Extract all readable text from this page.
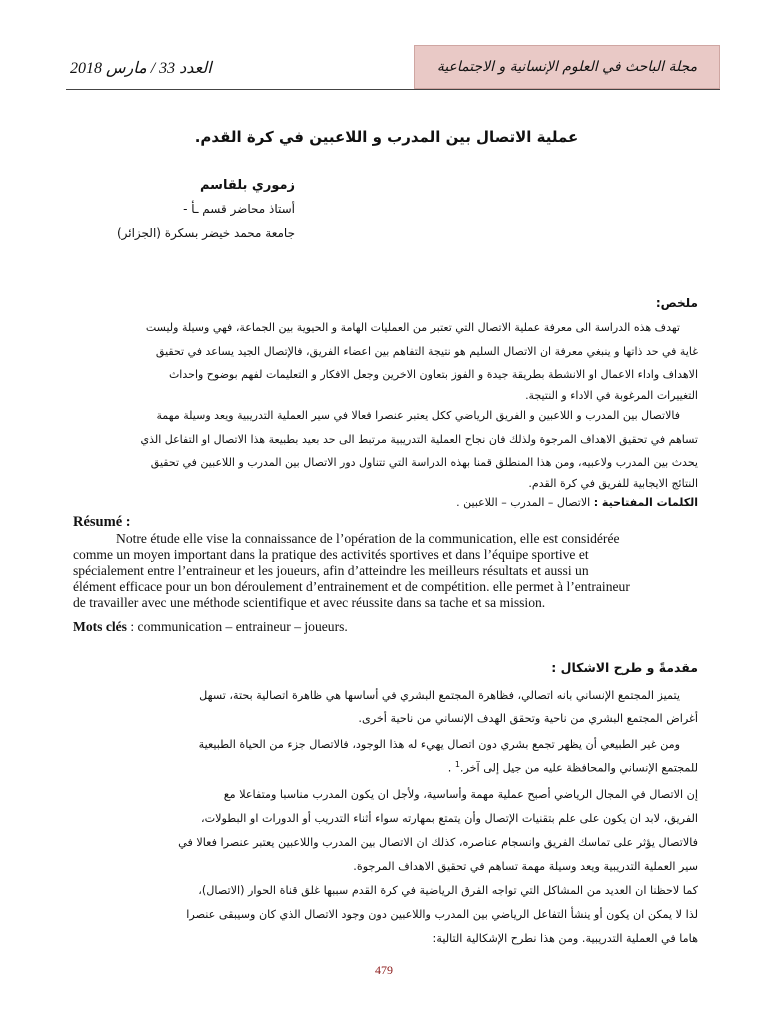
العدد 33 / مارس 2018	مجلة الباحث في العلوم الإنسانية و الاجتماعية
عملية الاتصال بين المدرب و اللاعبين في كرة القدم.
زموري بلقاسم
أستاذ محاضر قسم ـأ -
جامعة محمد خيضر بسكرة (الجزائر)
ملخص:
تهدف هذه الدراسة الى معرفة عملية الاتصال التي تعتبر من العمليات الهامة و الحيوية بين الجماعة، فهي وسيلة وليست
غاية في حد ذاتها و ينبغي معرفة ان الاتصال السليم هو نتيجة التفاهم بين اعضاء الفريق، فالإتصال الجيد يساعد في تحقيق
الاهداف واداء الاعمال او الانشطة بطريقة جيدة و الفوز بتعاون الاخرين وجعل الافكار و التعليمات لفهم بوضوح واحداث
التغييرات المرغوبة في الاداء و النتيجة.
فالاتصال بين المدرب و اللاعبين و الفريق الرياضي ككل يعتبر عنصرا فعالا في سير العملية التدريبية ويعد وسيلة مهمة
تساهم في تحقيق الاهداف المرجوة ولذلك فان نجاح العملية التدريبية مرتبط الى حد بعيد بطبيعة هذا الاتصال او التفاعل الذي
يحدث بين المدرب ولاعبيه، ومن هذا المنطلق قمنا بهذه الدراسة التي تتناول دور الاتصال بين المدرب و اللاعبين في تحقيق
النتائج الايجابية للفريق في كرة القدم.
الكلمات المفتاحية : الاتصال – المدرب – اللاعبين .
Résumé :
Notre étude elle vise la connaissance de l’opération de la communication, elle est considérée
comme un moyen important dans la pratique des activités sportives et dans l’équipe sportive et
spécialement entre l’entraineur et les joueurs, afin d’atteindre les meilleurs résultats et aussi un
élément efficace pour un bon déroulement d’entrainement et de compétition. elle permet à l’entraineur
de travailler avec une méthode scientifique et avec réussite dans sa tache et sa mission.
Mots clés : communication – entraineur – joueurs.
مقدمةً و طرح الاشكال :
يتميز المجتمع الإنساني بانه اتصالي، فظاهرة المجتمع البشري في أساسها هي ظاهرة اتصالية بحتة، تسهل
أغراض المجتمع البشري من ناحية وتحقق الهدف الإنساني من ناحية أخرى.
ومن غير الطبيعي أن يظهر تجمع بشري دون اتصال يهيء له هذا الوجود، فالاتصال جزء من الحياة الطبيعية
للمجتمع الإنساني والمحافظة عليه من جيل إلى آخر.$^1$ .
إن الاتصال في المجال الرياضي أصبح عملية مهمة وأساسية، ولأجل ان يكون المدرب مناسبا ومتفاعلا مع
الفريق، لابد ان يكون على علم بتقنيات الإتصال وأن يتمتع بمهارته سواء أثناء التدريب أو الدورات او البطولات،
فالاتصال يؤثر على تماسك الفريق وانسجام عناصره، كذلك ان الاتصال بين المدرب واللاعبين يعتبر عنصرا فعالا في
سير العملية التدريبية ويعد وسيلة مهمة تساهم في تحقيق الاهداف المرجوة.
كما لاحظنا ان العديد من المشاكل التي تواجه الفرق الرياضية في كرة القدم سببها غلق قناة الحوار (الاتصال)،
لذا لا يمكن ان يكون أو ينشأ التفاعل الرياضي بين المدرب واللاعبين دون وجود الاتصال الذي كان وسيبقى عنصرا
هاما في العملية التدريبية. ومن هذا نطرح الإشكالية التالية:
479
